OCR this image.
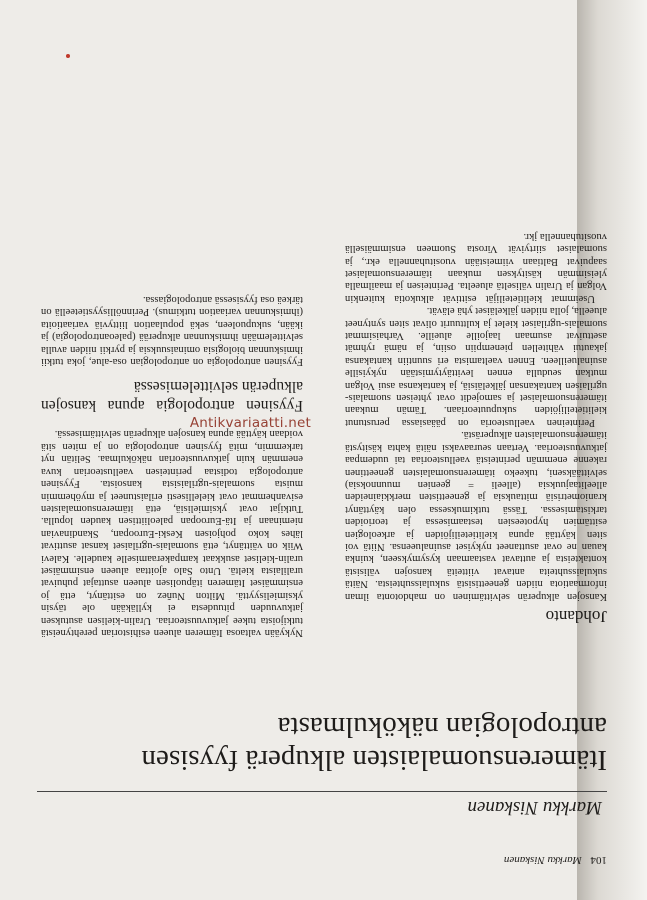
104 Markku Niskanen
Markku Niskanen
Itämerensuomalaisten alkuperä fyysisen antropologian näkökulmasta
Johdanto

Kansojen alkuperän selvittäminen on mahdotonta ilman informaatiota niiden geneettisistä sukulaissuhteista. Näitä sukulaissuhteita antavat viitteitä kansojen välisistä kontakteista ja auttavat vastaamaan kysymykseen, kuinka kauan ne ovat asuttaneet nykyiset asuinalueensa. Niitä voi siten käyttää apuna kielitieteilijöiden ja arkeologien esittämien hypoteesien testaamisessa ja teorioiden tarkistamisessa. Tässä tutkimuksessa olen käyttänyt kraniometrisiä mittauksia ja geneettisten merkkiaineiden alleelitaajuuksia (alleeli = geenien muunnoksia) selvittääkseni, tukeeko itämerensuomalaisten geneettinen rakenne enemmän perinteistä vaellusteoriaa tai uudempaa jatkuvuusteoriaa. Vertaan seuraavaksi näitä kahta käsitystä itämerensuomalaisten alkuperästä.

Perinteinen vaellusteoria on pääasiassa perustunut kielitieteilijöiden sukupuuteoriaan. Tämän mukaan itämerensuomalaiset ja samojedit ovat yhteisen suomalais-ugrilaisen kantakansan jälkeläisiä, ja kantakansa asui Volgan mutkan seudulla ennen levittäytymistään nykyisille asuinalueilleen. Ennen vaeltamista eri suuntiin kantakansa jakautui vähitellen pienempiin osiin, ja nämä ryhmät asettuivat asumaan laajoille alueille. Varhaisimmat suomalais-ugrilaiset kielet ja kulttuurit olivat siten syntyneet alueella, jolla niiden jälkeläiset yhä elävät.

Useimmat kielitieteilijät esittivät alkukotia kuitenkin Volgan ja Uralin väliseltä alueelta. Perinteisen ja maailmalla yleisimmän käsityksen mukaan itämerensuomalaiset saapuivat Baltiaan viimeistään vuosituhannella ekr., ja suomalaiset siirtyivät Virosta Suomeen ensimmäisellä vuosituhannella jkr.

Nykyään valtaosa Itämeren alueen esihistorian perehtyneistä tutkijoista tukee jatkuvuusteoriaa. Uralin-kielisen asutuksen jatkuvuuden pituudesta ei kylläkään ole täysin yksimielisyyttä. Milton Nuñez on esittänyt, että jo ensimmäiset Itämeren itäpuolisen alueen asuttajat puhuivat uralilaista kieltä. Unto Salo ajoittaa alueen ensimmäiset uralin-kieliset asukkaat kampakeraamiselle kaudelle. Kalevi Wiik on väittänyt, että suomalais-ugrilaiset kansat asuttivat lähes koko pohjoisen Keski-Euroopan, Skandinavian nieminaan ja Itä-Euroopan paleoliittisen kauden lopulla. Tutkijat ovat yksimielisiä, että itämerensuomalaisten esivanhemmat ovat kielellisesti erilaistuneet ja myöhemmin muista suomalais-ugrilaisista kansoista. Fyysinen antropologia todistaa perinteisen vaellusteorian kuva enemmän kuin jatkuvuusteorian näkökulmaa. Selitän nyt tarkemmin, mitä fyysinen antropologia on ja miten sitä voidaan käyttää apuna kansojen alkuperän selvittämisessä.

Fyysinen antropologia apuna kansojen alkuperän selvittelemisessä

Fyysinen antropologia on antropologian osa-alue, joka tutkii ihmiskunnan biologisia ominaisuuksia ja pyrkii niiden avulla selvittelemään ihmiskunnan alkuperää (paleoantropologia) ja ikään, sukupuoleen, sekä populaation liittyviä variaatioita (ihmiskunnan variaation tutkimus). Perinnöllisyystieteellä on tärkeä osa fyysisessä antropologiassa.

Antikvariaatti.net
